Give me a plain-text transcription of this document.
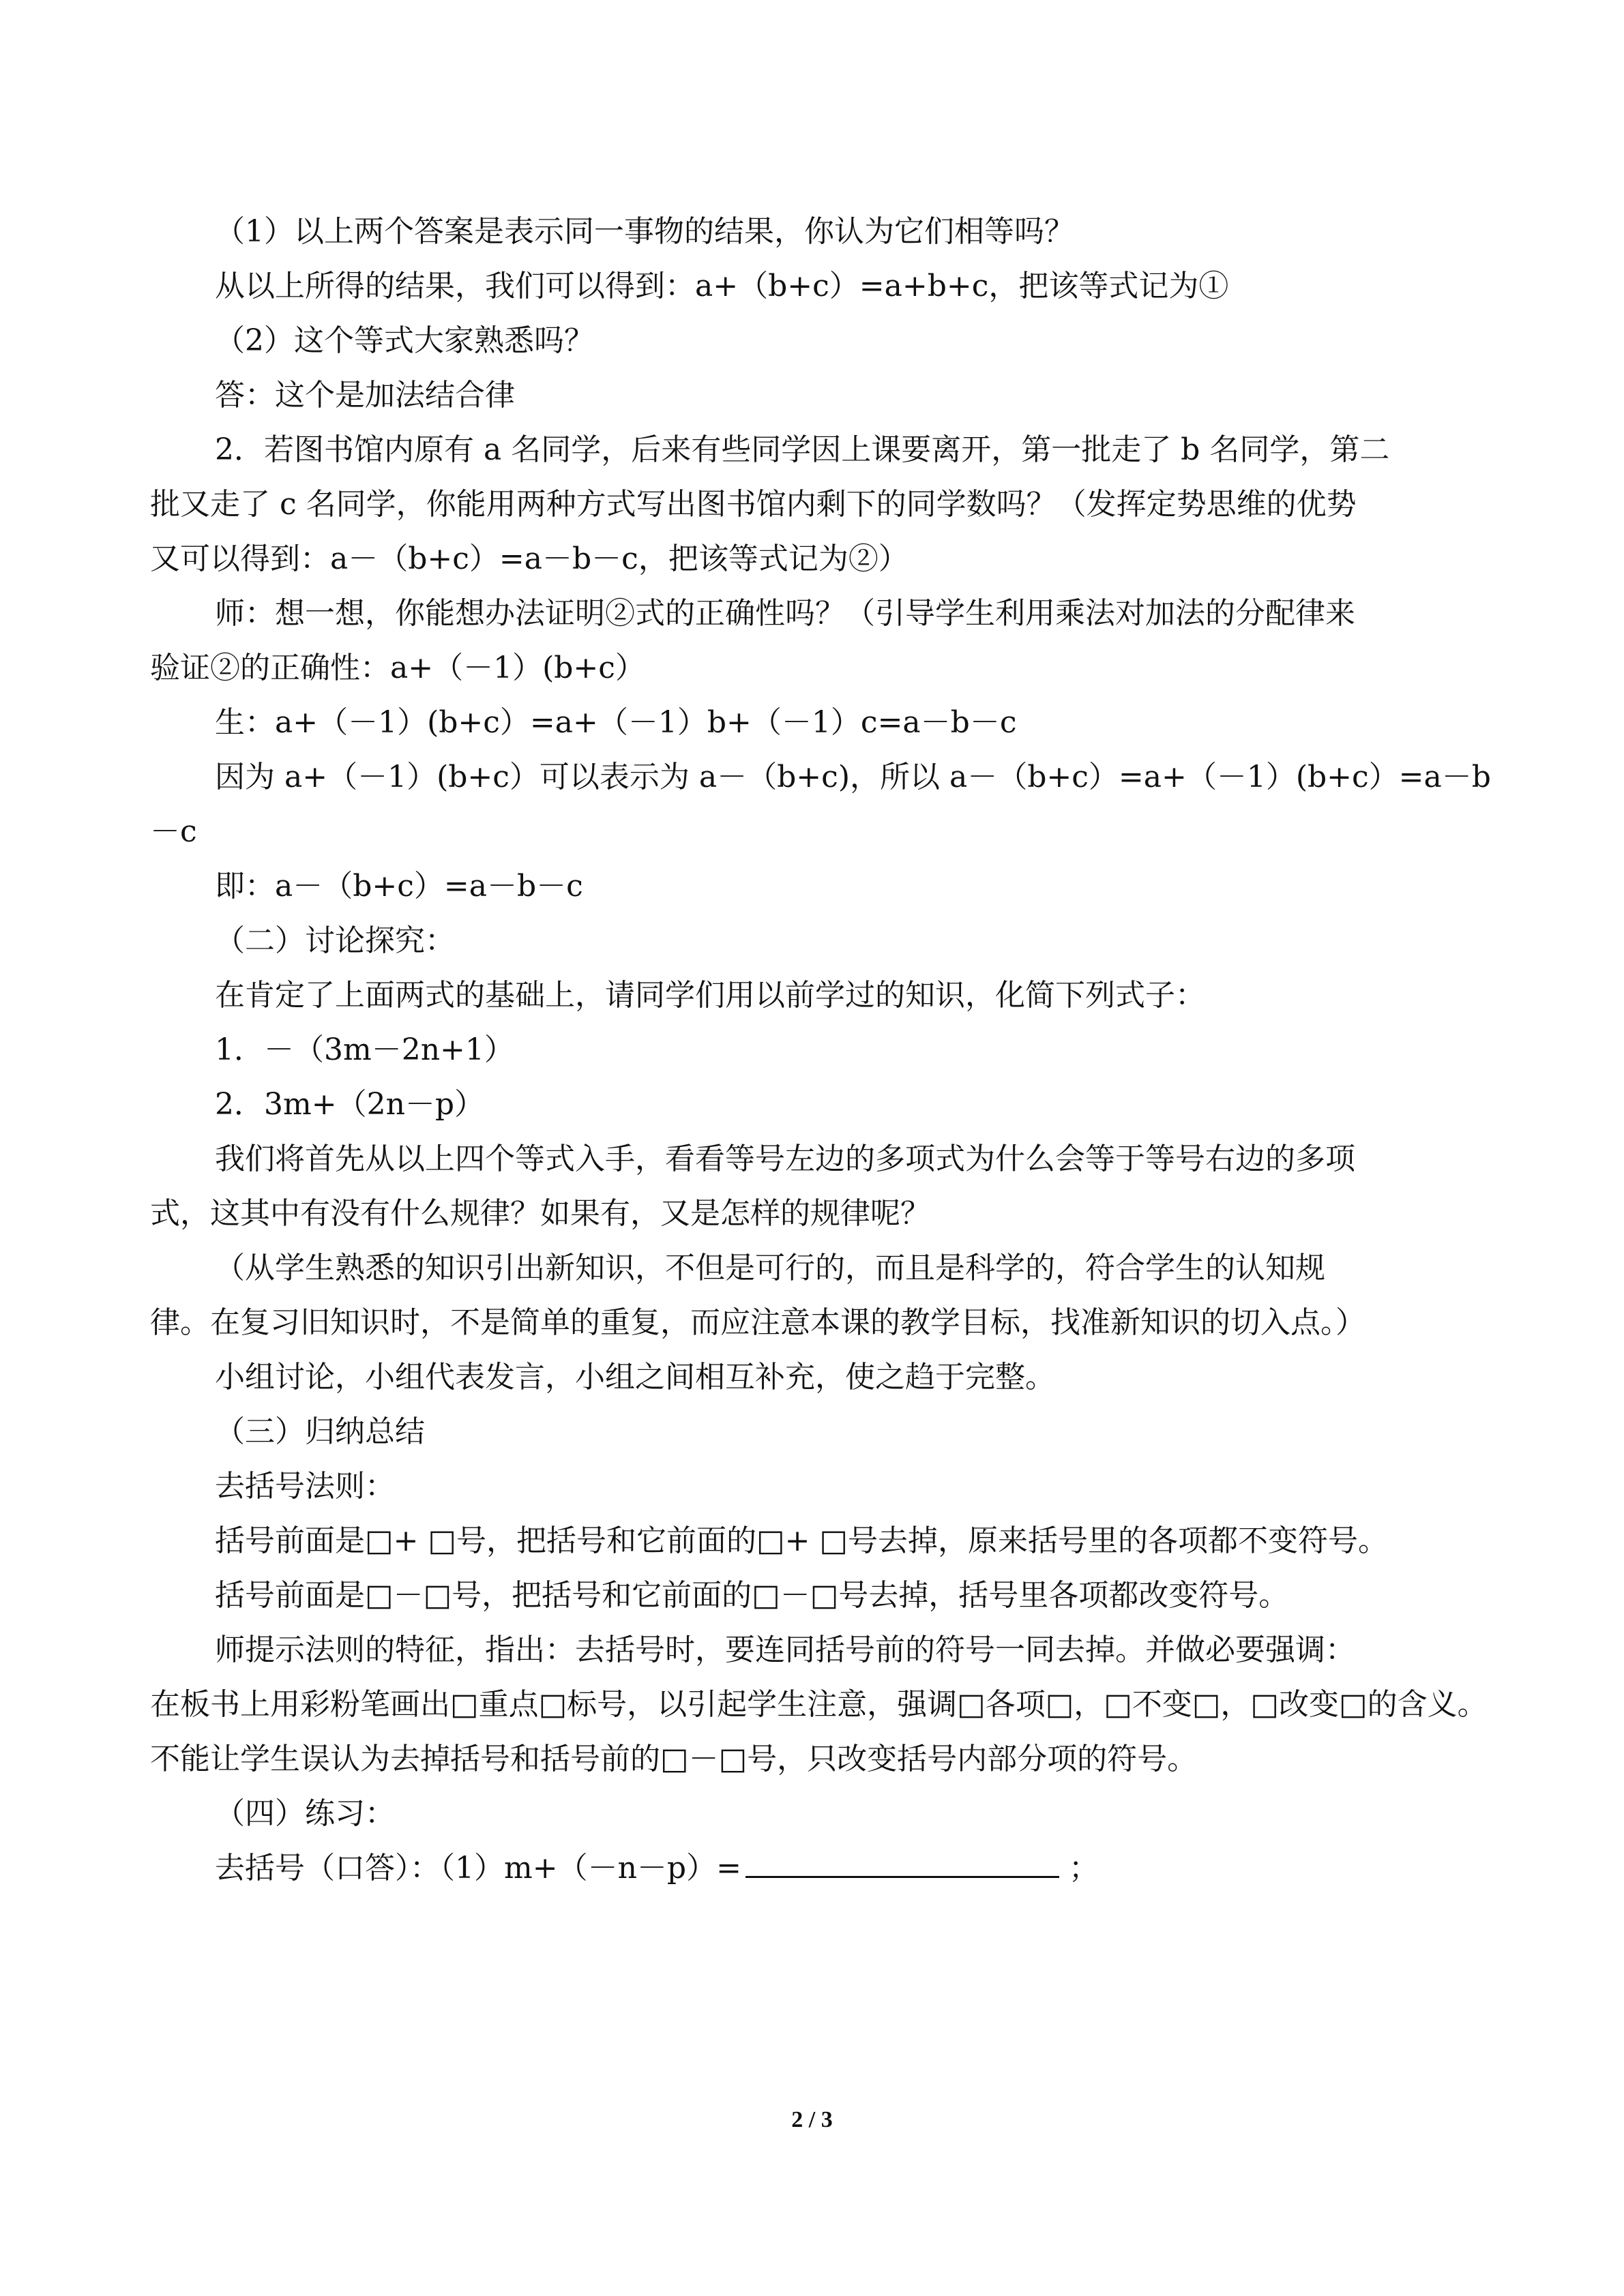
（1）以上两个答案是表示同一事物的结果，你认为它们相等吗？
从以上所得的结果，我们可以得到：a+（b+c）=a+b+c，把该等式记为①
（2）这个等式大家熟悉吗？
答：这个是加法结合律
2．若图书馆内原有 a 名同学，后来有些同学因上课要离开，第一批走了 b 名同学，第二
批又走了 c 名同学，你能用两种方式写出图书馆内剩下的同学数吗？（发挥定势思维的优势
又可以得到：a－（b+c）=a－b－c，把该等式记为②）
师：想一想，你能想办法证明②式的正确性吗？（引导学生利用乘法对加法的分配律来
验证②的正确性：a+（－1）(b+c）
生：a+（－1）(b+c）=a+（－1）b+（－1）c=a－b－c
因为 a+（－1）(b+c）可以表示为 a－（b+c)，所以 a－（b+c）=a+（－1）(b+c）=a－b
－c
即：a－（b+c）=a－b－c
（二）讨论探究：
在肯定了上面两式的基础上，请同学们用以前学过的知识，化简下列式子：
1．－（3m－2n+1）
2．3m+（2n－p）
我们将首先从以上四个等式入手，看看等号左边的多项式为什么会等于等号右边的多项
式，这其中有没有什么规律？如果有，又是怎样的规律呢？
（从学生熟悉的知识引出新知识，不但是可行的，而且是科学的，符合学生的认知规
律。在复习旧知识时，不是简单的重复，而应注意本课的教学目标，找准新知识的切入点。）
小组讨论，小组代表发言，小组之间相互补充，使之趋于完整。
（三）归纳总结
去括号法则：
括号前面是□+ □号，把括号和它前面的□+ □号去掉，原来括号里的各项都不变符号。
括号前面是□－□号，把括号和它前面的□－□号去掉，括号里各项都改变符号。
师提示法则的特征，指出：去括号时，要连同括号前的符号一同去掉。并做必要强调：
在板书上用彩粉笔画出□重点□标号，以引起学生注意，强调□各项□，□不变□，□改变□的含义。
不能让学生误认为去掉括号和括号前的□－□号，只改变括号内部分项的符号。
（四）练习：
去括号（口答）：（1）m+（－n－p）=	；
2 / 3
